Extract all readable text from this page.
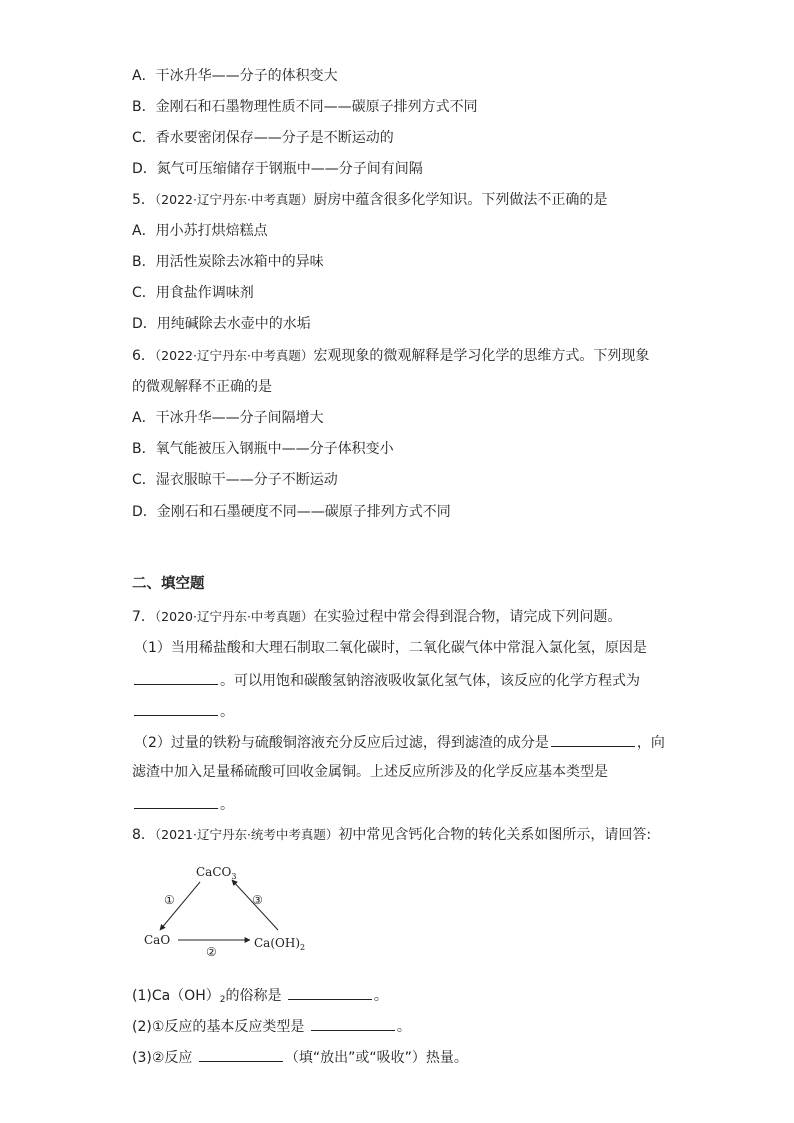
A．干冰升华——分子的体积变大
B．金刚石和石墨物理性质不同——碳原子排列方式不同
C．香水要密闭保存——分子是不断运动的
D．氮气可压缩储存于钢瓶中——分子间有间隔
5．（2022·辽宁丹东·中考真题）厨房中蕴含很多化学知识。下列做法不正确的是
A．用小苏打烘焙糕点
B．用活性炭除去冰箱中的异味
C．用食盐作调味剂
D．用纯碱除去水壶中的水垢
6．（2022·辽宁丹东·中考真题）宏观现象的微观解释是学习化学的思维方式。下列现象
的微观解释不正确的是
A．干冰升华——分子间隔增大
B．氧气能被压入钢瓶中——分子体积变小
C．湿衣服晾干——分子不断运动
D．金刚石和石墨硬度不同——碳原子排列方式不同
二、填空题
7．（2020·辽宁丹东·中考真题）在实验过程中常会得到混合物，请完成下列问题。
（1）当用稀盐酸和大理石制取二氧化碳时，二氧化碳气体中常混入氯化氢，原因是
。可以用饱和碳酸氢钠溶液吸收氯化氢气体，该反应的化学方程式为
。
（2）过量的铁粉与硫酸铜溶液充分反应后过滤，得到滤渣的成分是	，向
滤渣中加入足量稀硫酸可回收金属铜。上述反应所涉及的化学反应基本类型是
。
8．（2021·辽宁丹东·统考中考真题）初中常见含钙化合物的转化关系如图所示，请回答:
CaCO$_3$
CaO	$Ca(OH)_2$
①
②
③
$(1)Ca(OH)_2$的俗称是	。
(2)①反应的基本反应类型是	。
(3)②反应	（填“放出”或“吸收”）热量。
